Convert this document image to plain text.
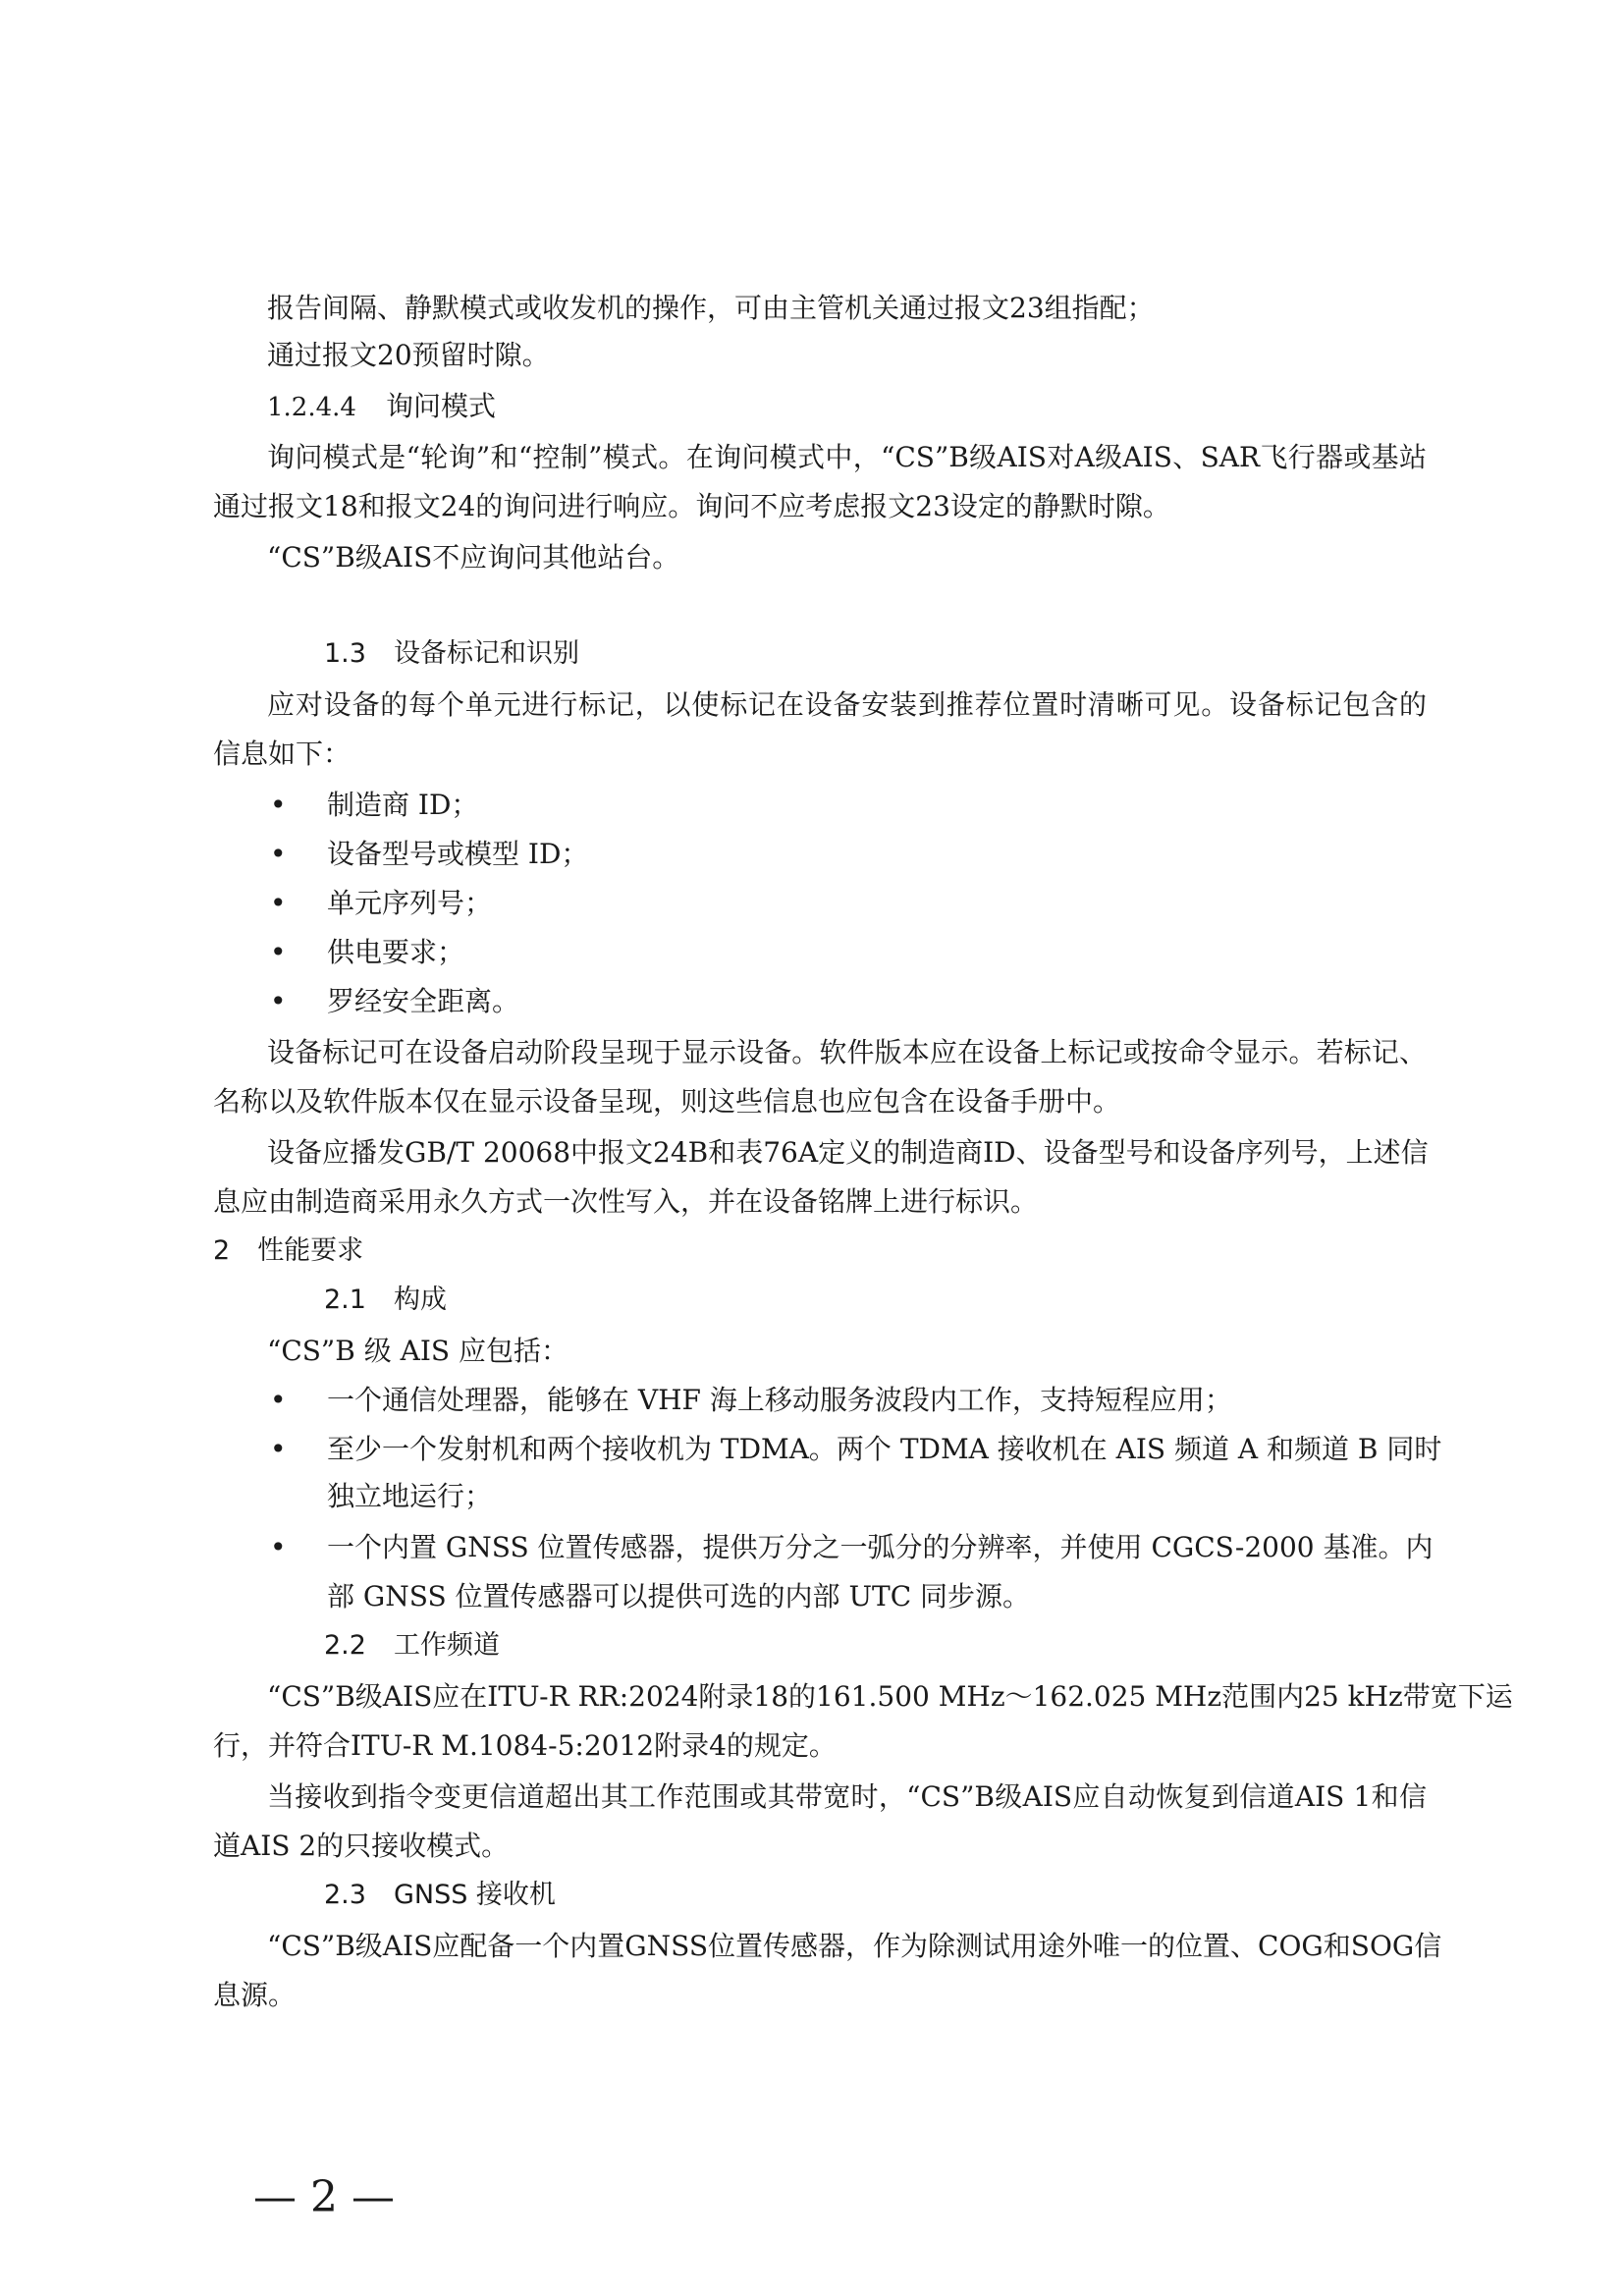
报告间隔、静默模式或收发机的操作，可由主管机关通过报文23组指配；
通过报文20预留时隙。
1.2.4.4 询问模式
询问模式是“轮询”和“控制”模式。在询问模式中，“CS”B级AIS对A级AIS、SAR飞行器或基站
通过报文18和报文24的询问进行响应。询问不应考虑报文23设定的静默时隙。
“CS”B级AIS不应询问其他站台。
1.3 设备标记和识别
应对设备的每个单元进行标记，以使标记在设备安装到推荐位置时清晰可见。设备标记包含的
信息如下：
• 制造商 ID；
• 设备型号或模型 ID；
• 单元序列号；
• 供电要求；
• 罗经安全距离。
设备标记可在设备启动阶段呈现于显示设备。软件版本应在设备上标记或按命令显示。若标记、
名称以及软件版本仅在显示设备呈现，则这些信息也应包含在设备手册中。
设备应播发GB/T 20068中报文24B和表76A定义的制造商ID、设备型号和设备序列号，上述信
息应由制造商采用永久方式一次性写入，并在设备铭牌上进行标识。
2 性能要求
2.1 构成
“CS”B 级 AIS 应包括：
• 一个通信处理器，能够在 VHF 海上移动服务波段内工作，支持短程应用；
• 至少一个发射机和两个接收机为 TDMA。两个 TDMA 接收机在 AIS 频道 A 和频道 B 同时
独立地运行；
• 一个内置 GNSS 位置传感器，提供万分之一弧分的分辨率，并使用 CGCS-2000 基准。内
部 GNSS 位置传感器可以提供可选的内部 UTC 同步源。
2.2 工作频道
“CS”B级AIS应在ITU-R RR:2024附录18的161.500 MHz～162.025 MHz范围内25 kHz带宽下运
行，并符合ITU-R M.1084-5:2012附录4的规定。
当接收到指令变更信道超出其工作范围或其带宽时，“CS”B级AIS应自动恢复到信道AIS 1和信
道AIS 2的只接收模式。
2.3 GNSS 接收机
“CS”B级AIS应配备一个内置GNSS位置传感器，作为除测试用途外唯一的位置、COG和SOG信
息源。
— 2 —
